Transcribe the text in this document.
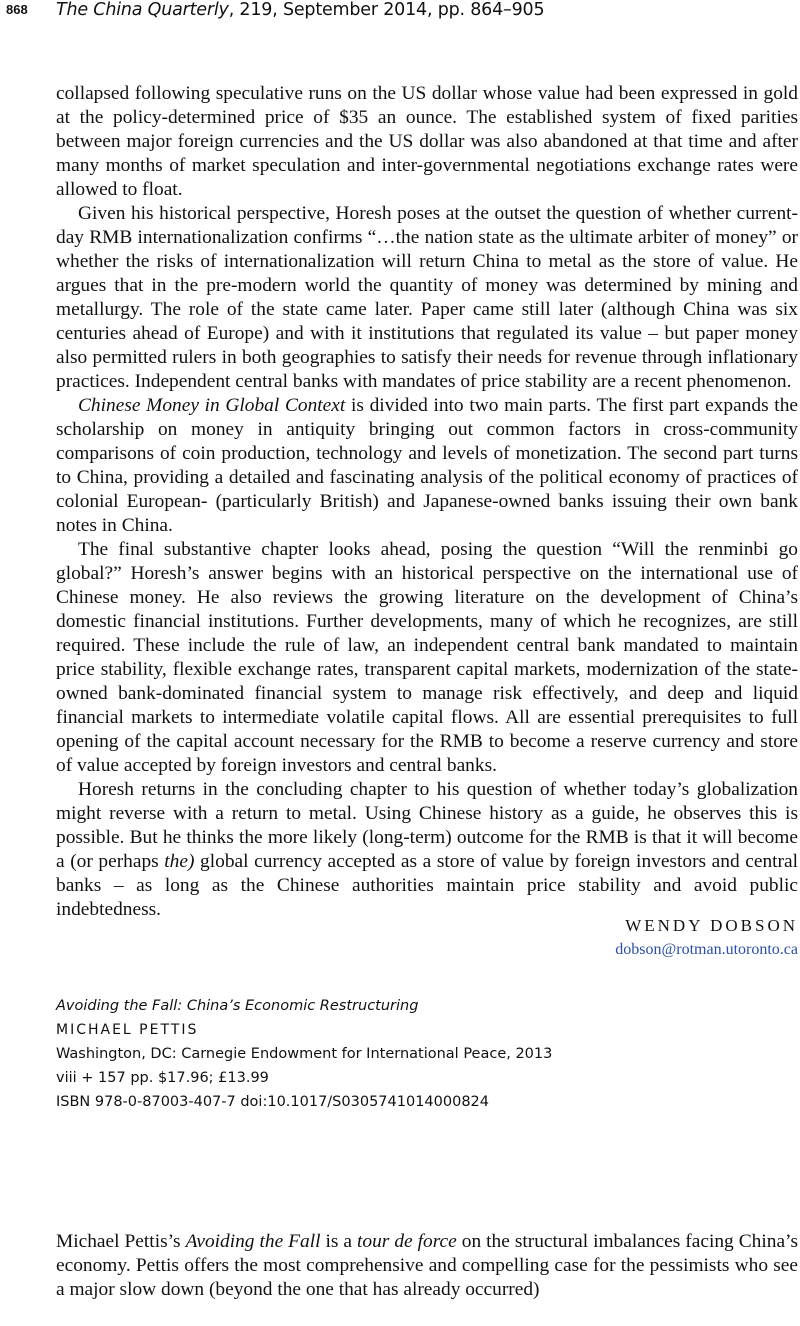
868 The China Quarterly, 219, September 2014, pp. 864–905

collapsed following speculative runs on the US dollar whose value had been expressed in gold at the policy-determined price of $35 an ounce. The established system of fixed parities between major foreign currencies and the US dollar was also abandoned at that time and after many months of market speculation and inter-governmental negotiations exchange rates were allowed to float.

Given his historical perspective, Horesh poses at the outset the question of whether current-day RMB internationalization confirms “…the nation state as the ultimate arbiter of money” or whether the risks of internationalization will return China to metal as the store of value. He argues that in the pre-modern world the quantity of money was determined by mining and metallurgy. The role of the state came later. Paper came still later (although China was six centuries ahead of Europe) and with it institutions that regulated its value – but paper money also permitted rulers in both geographies to satisfy their needs for revenue through inflationary practices. Independent central banks with mandates of price stability are a recent phenomenon.

Chinese Money in Global Context is divided into two main parts. The first part expands the scholarship on money in antiquity bringing out common factors in cross-community comparisons of coin production, technology and levels of monetization. The second part turns to China, providing a detailed and fascinating analysis of the political economy of practices of colonial European- (particularly British) and Japanese-owned banks issuing their own bank notes in China.

The final substantive chapter looks ahead, posing the question “Will the renminbi go global?” Horesh’s answer begins with an historical perspective on the international use of Chinese money. He also reviews the growing literature on the development of China’s domestic financial institutions. Further developments, many of which he recognizes, are still required. These include the rule of law, an independent central bank mandated to maintain price stability, flexible exchange rates, transparent capital markets, modernization of the state-owned bank-dominated financial system to manage risk effectively, and deep and liquid financial markets to intermediate volatile capital flows. All are essential prerequisites to full opening of the capital account necessary for the RMB to become a reserve currency and store of value accepted by foreign investors and central banks.

Horesh returns in the concluding chapter to his question of whether today’s globalization might reverse with a return to metal. Using Chinese history as a guide, he observes this is possible. But he thinks the more likely (long-term) outcome for the RMB is that it will become a (or perhaps the) global currency accepted as a store of value by foreign investors and central banks – as long as the Chinese authorities maintain price stability and avoid public indebtedness.

WENDY DOBSON
dobson@rotman.utoronto.ca
Avoiding the Fall: China’s Economic Restructuring
MICHAEL PETTIS
Washington, DC: Carnegie Endowment for International Peace, 2013
viii + 157 pp. $17.96; £13.99
ISBN 978-0-87003-407-7 doi:10.1017/S0305741014000824

Michael Pettis’s Avoiding the Fall is a tour de force on the structural imbalances facing China’s economy. Pettis offers the most comprehensive and compelling case for the pessimists who see a major slow down (beyond the one that has already occurred)
